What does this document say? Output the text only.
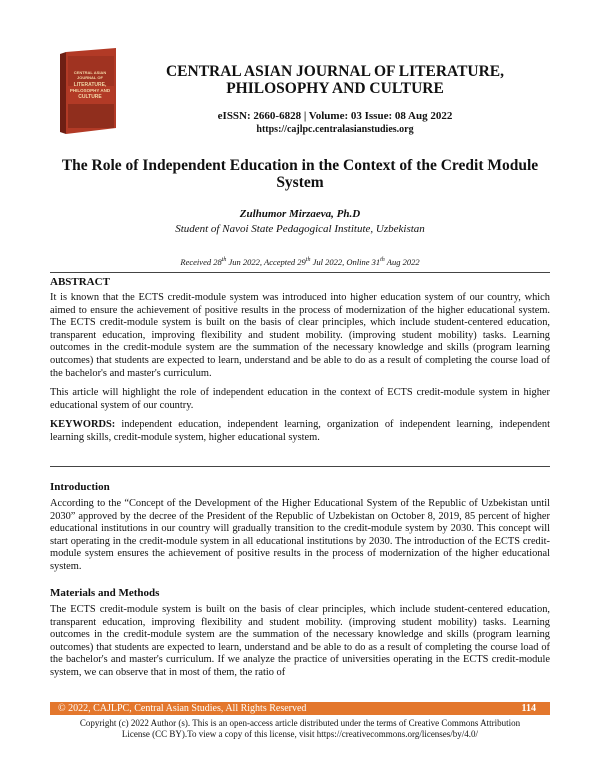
CENTRAL ASIAN
JOURNAL OF
LITERATURE,
PHILOSOPHY AND
CULTURE
CENTRAL ASIAN JOURNAL OF LITERATURE,
PHILOSOPHY AND CULTURE
eISSN: 2660-6828 | Volume: 03 Issue: 08 Aug 2022
https://cajlpc.centralasianstudies.org
The Role of Independent Education in the Context of the Credit Module System
Zulhumor Mirzaeva, Ph.D
Student of Navoi State Pedagogical Institute, Uzbekistan
Received 28th Jun 2022, Accepted 29th Jul 2022, Online 31th Aug 2022
ABSTRACT

It is known that the ECTS credit-module system was introduced into higher education system of our country, which aimed to ensure the achievement of positive results in the process of modernization of the higher educational system. The ECTS credit-module system is built on the basis of clear principles, which include student-centered education, transparent education, improving flexibility and student mobility. (improving student mobility) tasks. Learning outcomes in the credit-module system are the summation of the necessary knowledge and skills (program learning outcomes) that students are expected to learn, understand and be able to do as a result of completing the course load of the bachelor's and master's curriculum.

This article will highlight the role of independent education in the context of ECTS credit-module system in higher educational system of our country.

KEYWORDS: independent education, independent learning, organization of independent learning, independent learning skills, credit-module system, higher educational system.

Introduction

According to the “Concept of the Development of the Higher Educational System of the Republic of Uzbekistan until 2030” approved by the decree of the President of the Republic of Uzbekistan on October 8, 2019, 85 percent of higher educational institutions in our country will gradually transition to the credit-module system by 2030. This concept will start operating in the credit-module system in all educational institutions by 2030. The introduction of the ECTS credit-module system ensures the achievement of positive results in the process of modernization of the higher educational system.

Materials and Methods

The ECTS credit-module system is built on the basis of clear principles, which include student-centered education, transparent education, improving flexibility and student mobility. (improving student mobility) tasks. Learning outcomes in the credit-module system are the summation of the necessary knowledge and skills (program learning outcomes) that students are expected to learn, understand and be able to do as a result of completing the course load of the bachelor's and master's curriculum. If we analyze the practice of universities operating in the ECTS credit-module system, we can observe that in most of them, the ratio of

© 2022, CAJLPC, Central Asian Studies, All Rights Reserved	114
Copyright (c) 2022 Author (s). This is an open-access article distributed under the terms of Creative Commons Attribution
License (CC BY).To view a copy of this license, visit https://creativecommons.org/licenses/by/4.0/
